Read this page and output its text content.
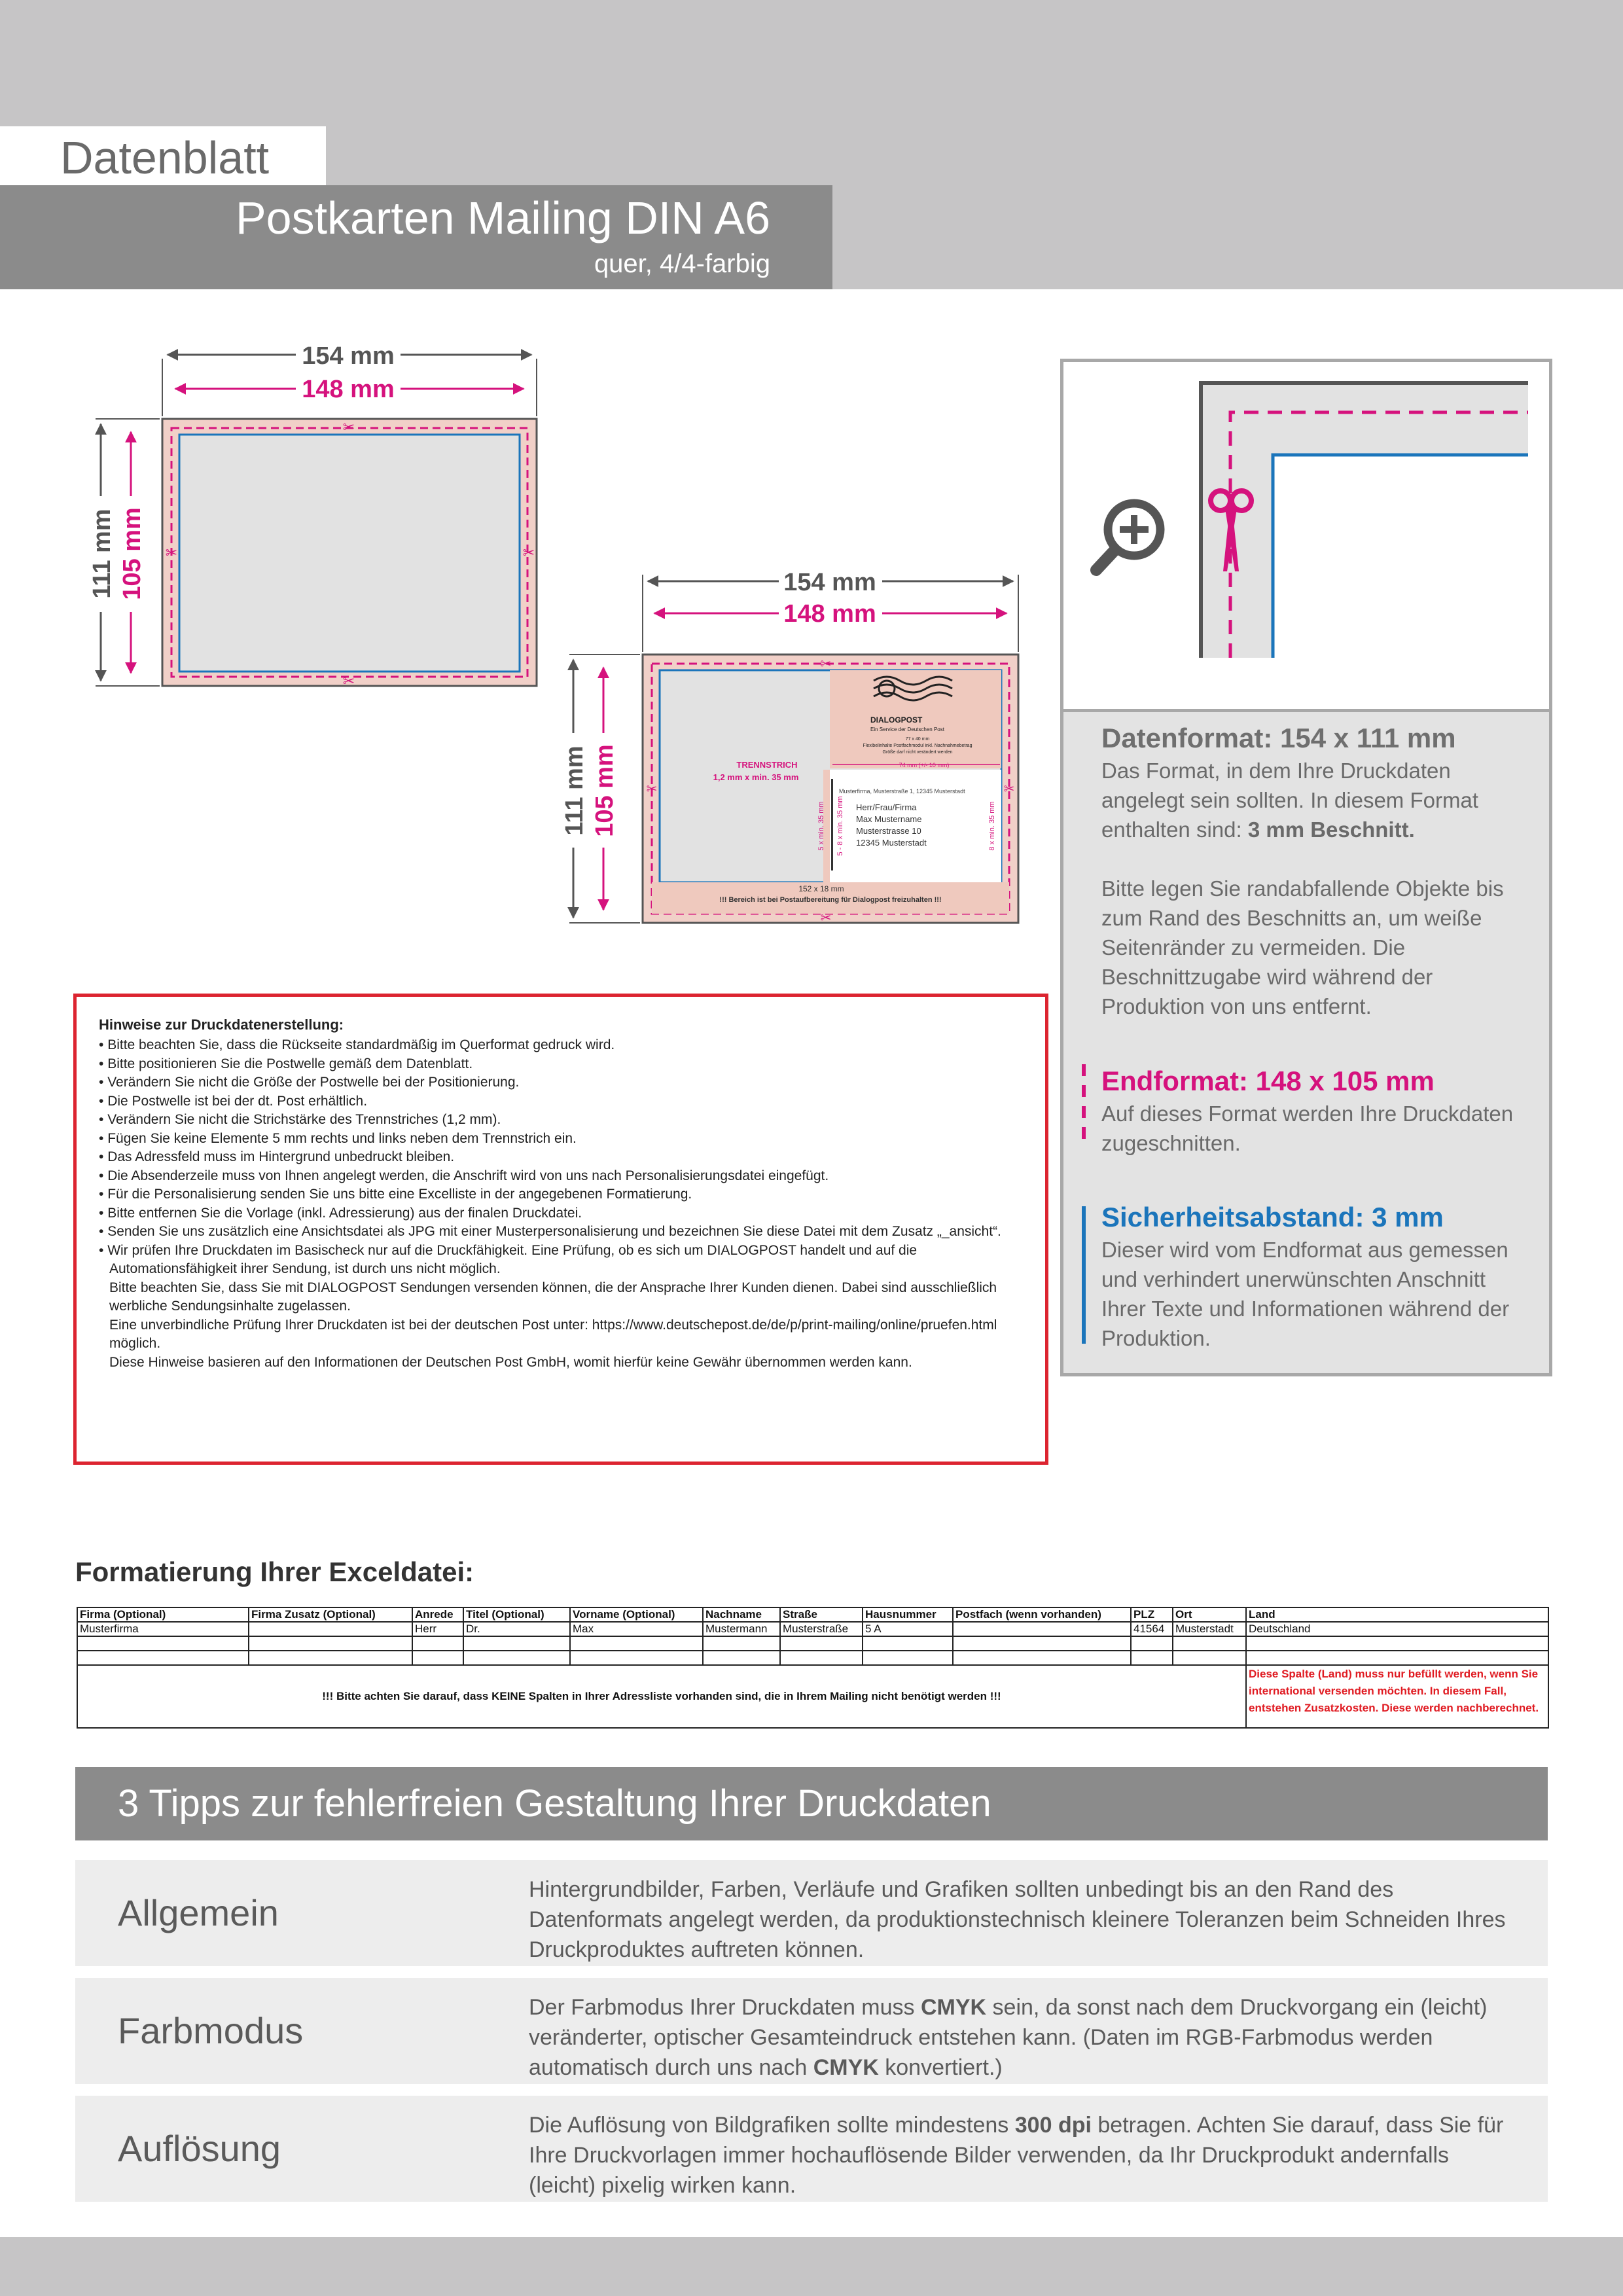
Datenblatt
Postkarten Mailing DIN A6
quer, 4/4-farbig
154 mm
148 mm
111 mm 105 mm
✂
✂
✂	✂
DIALOGPOST
Ein Service der Deutschen Post
77 x 40 mm
Flexibelinhalte Postfachmodul inkl. Nachnahmebetrag
Größe darf nicht verändert werden
74 mm (+/- 10 mm)
Musterfirma, Musterstraße 1, 12345 Musterstadt
Herr/Frau/Firma
Max Mustername
Musterstrasse 10
12345 Musterstadt
TRENNSTRICH
1,2 mm x min. 35 mm
5 x min. 35 mm 5 - 8 x min. 35 mm	8 x min. 35 mm
152 x 18 mm
!!! Bereich ist bei Postaufbereitung für Dialogpost freizuhalten !!!
154 mm
148 mm
111 mm 105 mm
✂
✂
✂	✂
Datenformat: 154 x 111 mm
Das Format, in dem Ihre Druckdaten angelegt sein sollten. In diesem Format enthalten sind: 3 mm Beschnitt.
Bitte legen Sie randabfallende Objekte bis zum Rand des Beschnitts an, um weiße Seitenränder zu vermeiden. Die Beschnittzugabe wird während der Produktion von uns entfernt.
Endformat: 148 x 105 mm
Auf dieses Format werden Ihre Druckdaten zugeschnitten.
Sicherheitsabstand: 3 mm
Dieser wird vom Endformat aus gemessen und verhindert unerwünschten Anschnitt Ihrer Texte und Informationen während der Produktion.
Hinweise zur Druckdatenerstellung:
• Bitte beachten Sie, dass die Rückseite standardmäßig im Querformat gedruck wird.
• Bitte positionieren Sie die Postwelle gemäß dem Datenblatt.
• Verändern Sie nicht die Größe der Postwelle bei der Positionierung.
• Die Postwelle ist bei der dt. Post erhältlich.
• Verändern Sie nicht die Strichstärke des Trennstriches (1,2 mm).
• Fügen Sie keine Elemente 5 mm rechts und links neben dem Trennstrich ein.
• Das Adressfeld muss im Hintergrund unbedruckt bleiben.
• Die Absenderzeile muss von Ihnen angelegt werden, die Anschrift wird von uns nach Personalisierungsdatei eingefügt.
• Für die Personalisierung senden Sie uns bitte eine Excelliste in der angegebenen Formatierung.
• Bitte entfernen Sie die Vorlage (inkl. Adressierung) aus der finalen Druckdatei.
• Senden Sie uns zusätzlich eine Ansichtsdatei als JPG mit einer Musterpersonalisierung und bezeichnen Sie diese Datei mit dem Zusatz „_ansicht“.
• Wir prüfen Ihre Druckdaten im Basischeck nur auf die Druckfähigkeit. Eine Prüfung, ob es sich um DIALOGPOST handelt und auf die Automationsfähigkeit ihrer Sendung, ist durch uns nicht möglich.
Bitte beachten Sie, dass Sie mit DIALOGPOST Sendungen versenden können, die der Ansprache Ihrer Kunden dienen. Dabei sind ausschließlich werbliche Sendungsinhalte zugelassen.
Eine unverbindliche Prüfung Ihrer Druckdaten ist bei der deutschen Post unter: https://www.deutschepost.de/de/p/print-mailing/online/pruefen.html möglich.
Diese Hinweise basieren auf den Informationen der Deutschen Post GmbH, womit hierfür keine Gewähr übernommen werden kann.
Formatierung Ihrer Exceldatei:
Firma (Optional)	Firma Zusatz (Optional)	Anrede	Titel (Optional)	Vorname (Optional)	Nachname	Straße	Hausnummer	Postfach (wenn vorhanden)	PLZ	Ort	Land
Musterfirma		Herr	Dr.	Max	Mustermann	Musterstraße	5 A		41564	Musterstadt	Deutschland

!!! Bitte achten Sie darauf, dass KEINE Spalten in Ihrer Adressliste vorhanden sind, die in Ihrem Mailing nicht benötigt werden !!!											Diese Spalte (Land) muss nur befüllt werden, wenn Sie international versenden möchten. In diesem Fall, entstehen Zusatzkosten. Diese werden nachberechnet.
3 Tipps zur fehlerfreien Gestaltung Ihrer Druckdaten
Allgemein
Hintergrundbilder, Farben, Verläufe und Grafiken sollten unbedingt bis an den Rand des Datenformats angelegt werden, da produktionstechnisch kleinere Toleranzen beim Schneiden Ihres Druckproduktes auftreten können.
Farbmodus
Der Farbmodus Ihrer Druckdaten muss CMYK sein, da sonst nach dem Druckvorgang ein (leicht) veränderter, optischer Gesamteindruck entstehen kann. (Daten im RGB-Farbmodus werden automatisch durch uns nach CMYK konvertiert.)
Auflösung
Die Auflösung von Bildgrafiken sollte mindestens 300 dpi betragen. Achten Sie darauf, dass Sie für Ihre Druckvorlagen immer hochauflösende Bilder verwenden, da Ihr Druckprodukt andernfalls (leicht) pixelig wirken kann.
